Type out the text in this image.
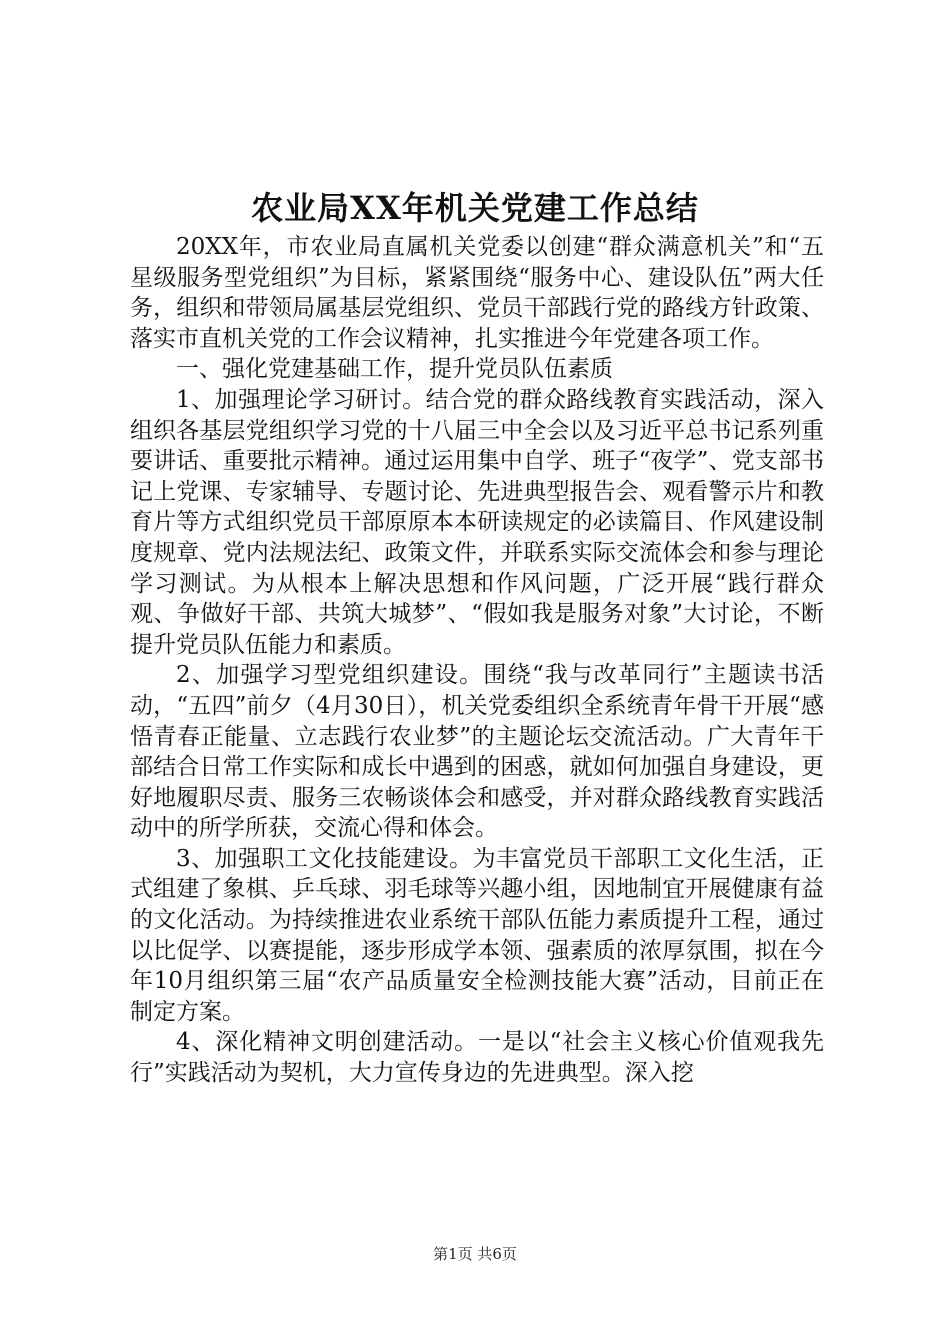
农业局XX年机关党建工作总结

20XX年，市农业局直属机关党委以创建“群众满意机关”和“五星级服务型党组织”为目标，紧紧围绕“服务中心、建设队伍”两大任务，组织和带领局属基层党组织、党员干部践行党的路线方针政策、落实市直机关党的工作会议精神，扎实推进今年党建各项工作。

一、强化党建基础工作，提升党员队伍素质

1、加强理论学习研讨。结合党的群众路线教育实践活动，深入组织各基层党组织学习党的十八届三中全会以及习近平总书记系列重要讲话、重要批示精神。通过运用集中自学、班子“夜学”、党支部书记上党课、专家辅导、专题讨论、先进典型报告会、观看警示片和教育片等方式组织党员干部原原本本研读规定的必读篇目、作风建设制度规章、党内法规法纪、政策文件，并联系实际交流体会和参与理论学习测试。为从根本上解决思想和作风问题，广泛开展“践行群众观、争做好干部、共筑大城梦”、“假如我是服务对象”大讨论，不断提升党员队伍能力和素质。

2、加强学习型党组织建设。围绕“我与改革同行”主题读书活动，“五四”前夕（4月30日），机关党委组织全系统青年骨干开展“感悟青春正能量、立志践行农业梦”的主题论坛交流活动。广大青年干部结合日常工作实际和成长中遇到的困惑，就如何加强自身建设，更好地履职尽责、服务三农畅谈体会和感受，并对群众路线教育实践活动中的所学所获，交流心得和体会。

3、加强职工文化技能建设。为丰富党员干部职工文化生活，正式组建了象棋、乒乓球、羽毛球等兴趣小组，因地制宜开展健康有益的文化活动。为持续推进农业系统干部队伍能力素质提升工程，通过以比促学、以赛提能，逐步形成学本领、强素质的浓厚氛围，拟在今年10月组织第三届“农产品质量安全检测技能大赛”活动，目前正在制定方案。

4、深化精神文明创建活动。一是以“社会主义核心价值观我先行”实践活动为契机，大力宣传身边的先进典型。深入挖

第1页 共6页
